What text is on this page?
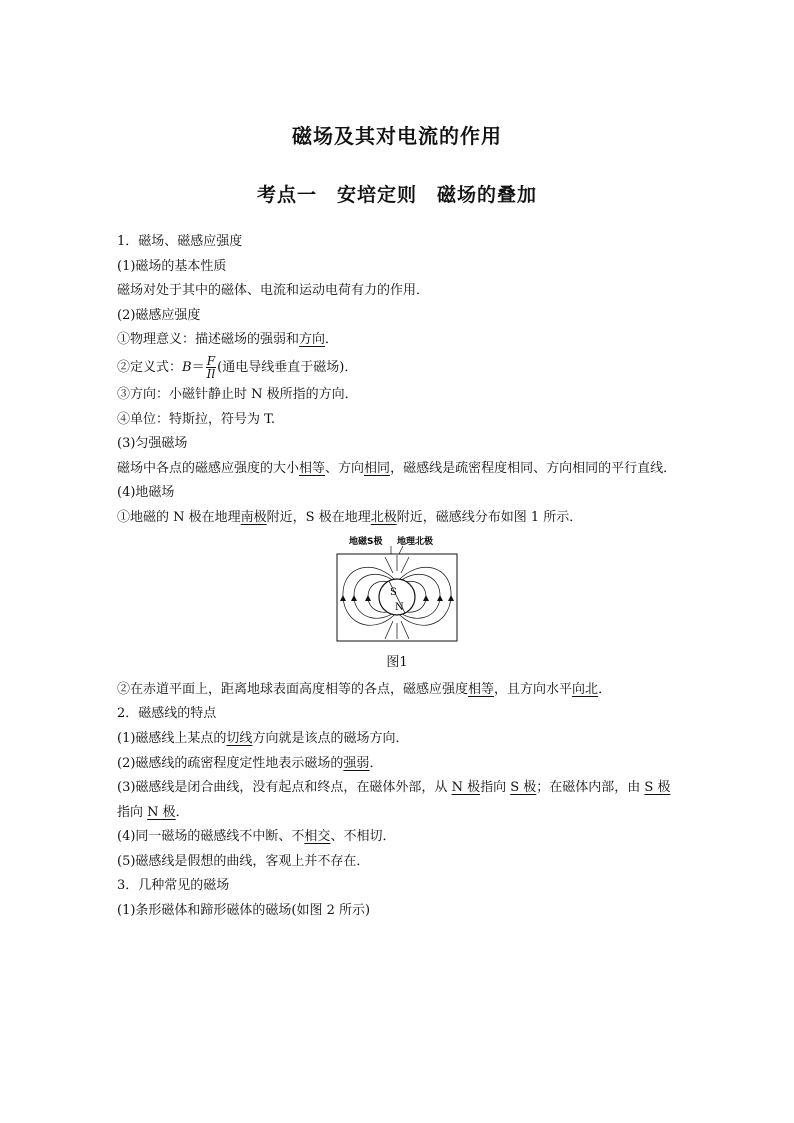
磁场及其对电流的作用
考点一　安培定则　磁场的叠加
1．磁场、磁感应强度
(1)磁场的基本性质
磁场对处于其中的磁体、电流和运动电荷有力的作用．
(2)磁感应强度
①物理意义：描述磁场的强弱和方向．
②定义式：$B= \frac{F}{Il}$ (通电导线垂直于磁场)．
③方向：小磁针静止时 N 极所指的方向．
④单位：特斯拉，符号为 T.
(3)匀强磁场
磁场中各点的磁感应强度的大小相等、方向相同，磁感线是疏密程度相同、方向相同的平行直线．
(4)地磁场
①地磁的 N 极在地理南极附近，S 极在地理北极附近，磁感线分布如图 1 所示．
地磁S极 地理北极
S
N
图1
②在赤道平面上，距离地球表面高度相等的各点，磁感应强度相等，且方向水平向北．
2．磁感线的特点
(1)磁感线上某点的切线方向就是该点的磁场方向．
(2)磁感线的疏密程度定性地表示磁场的强弱．
(3)磁感线是闭合曲线，没有起点和终点，在磁体外部，从 N 极指向 S 极；在磁体内部，由 S 极指向 N 极．
(4)同一磁场的磁感线不中断、不相交、不相切．
(5)磁感线是假想的曲线，客观上并不存在．
3．几种常见的磁场
(1)条形磁体和蹄形磁体的磁场(如图 2 所示)
